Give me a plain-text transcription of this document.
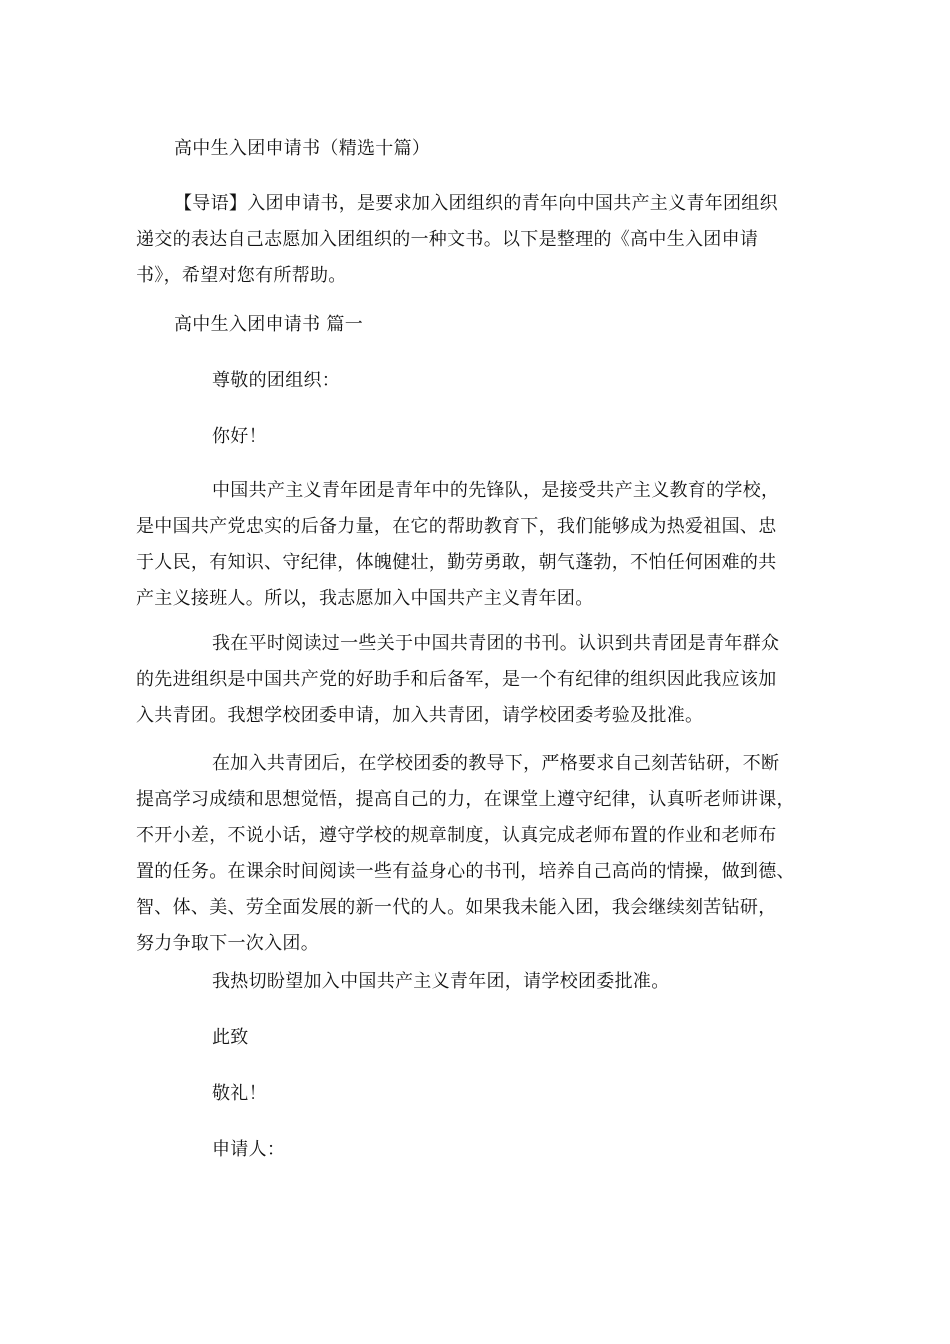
高中生入团申请书（精选十篇）
【导语】入团申请书，是要求加入团组织的青年向中国共产主义青年团组织
递交的表达自己志愿加入团组织的一种文书。以下是整理的《高中生入团申请
书》，希望对您有所帮助。
高中生入团申请书 篇一
尊敬的团组织：
你好！
中国共产主义青年团是青年中的先锋队，是接受共产主义教育的学校，
是中国共产党忠实的后备力量，在它的帮助教育下，我们能够成为热爱祖国、忠
于人民，有知识、守纪律，体魄健壮，勤劳勇敢，朝气蓬勃，不怕任何困难的共
产主义接班人。所以，我志愿加入中国共产主义青年团。
我在平时阅读过一些关于中国共青团的书刊。认识到共青团是青年群众
的先进组织是中国共产党的好助手和后备军，是一个有纪律的组织因此我应该加
入共青团。我想学校团委申请，加入共青团，请学校团委考验及批准。
在加入共青团后，在学校团委的教导下，严格要求自己刻苦钻研，不断
提高学习成绩和思想觉悟，提高自己的力，在课堂上遵守纪律，认真听老师讲课，
不开小差，不说小话，遵守学校的规章制度，认真完成老师布置的作业和老师布
置的任务。在课余时间阅读一些有益身心的书刊，培养自己高尚的情操，做到德、
智、体、美、劳全面发展的新一代的人。如果我未能入团，我会继续刻苦钻研，
努力争取下一次入团。
我热切盼望加入中国共产主义青年团，请学校团委批准。
此致
敬礼！
申请人：
